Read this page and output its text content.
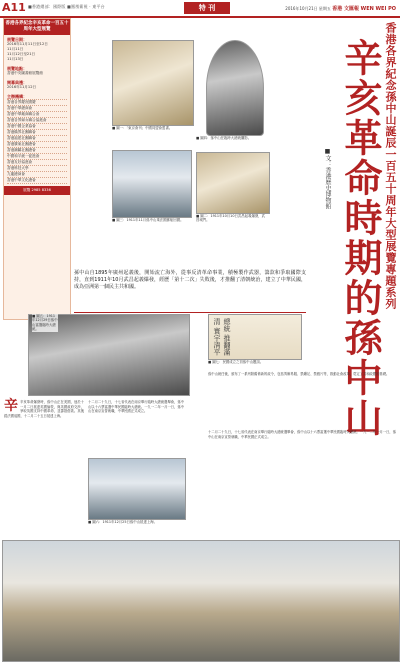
A11 ■香港總部：國際版 ■鳳凰衛視 · 東平台	特 刊	2016年10月21日 星期五 香港 文匯報 WEN WEI PO
香港各界紀念辛亥革命一百五十周年大型展覽
展覽日期：
2016年11月11日至12日
11月11日
11月12日至21日
11月13日
展覽地點：
香港中央圖書館展覽館
開幕典禮：
2016年11月12日
主辦機構：
香港各界慶祝國慶
香港中華總商會
香港中華廠商聯合會
香港各界婦女聯合協進會
香港中國企業協會
香港僑界社團聯會
香港福建社團聯會
香港廣東社團總會
香港潮屬社團總會
中國和平統一促進會
香港友好協進會
香港科技大學
九龍總商會
香港中華文化總會
展覽 2985 8336
■ 圖一：「東京會刊」中國同盟會盟書。
■ 圖四：孫中山任臨時大總統攝影。
■ 圖三：1911年11月孫中山乘法國郵船回國。
■ 圖二：1911年10月10日武昌起義爆發，武昌城門。	香港各界紀念孫中山誕辰一百五十周年大型展覽專題系列
辛亥革命時期的孫中山
■文：香港歷史博物館
孫中山自1895年廣州起義後，開始流亡海外，從事反清革命事業，積極製作武器，籌款和爭取國際支持，直到1911年10月武昌起義爆發，經歷「第十二次」失敗後，才推翻了清朝統治，建立了中華民國，成為亞洲第一個民主共和國。
■ 圖五：1911年12月29日孫中山當選臨時大總統。	總統 推翻滿清 寰宇清平
■ 圖七：民國成立之初孫中山題詞。
辛辛亥革命爆發時，孫中山正在美國，他於十一月二日抵達英國倫敦，與英國政府交涉，爭取英國支持中國革命，並籌措借款。其後經法國返國，十二月二十五日抵達上海。
■ 圖六：1911年12月25日孫中山抵達上海。
十二月二十九日，十七省代表在南京舉行臨時大總統選舉會，孫中山以十六票當選中華民國臨時大總統。一九一二年一月一日，孫中山在南京宣誓就職，中華民國正式成立。
孫中山就任後，頒布了一系列除舊佈新的政令，包括剪辮易服、禁纏足、禁鴉片等，推動社會改革，奠定了共和政體的基礎。
十二月二十九日，十七省代表在南京舉行臨時大總統選舉會，孫中山以十六票當選中華民國臨時大總統。一九一二年一月一日，孫中山在南京宣誓就職，中華民國正式成立。
